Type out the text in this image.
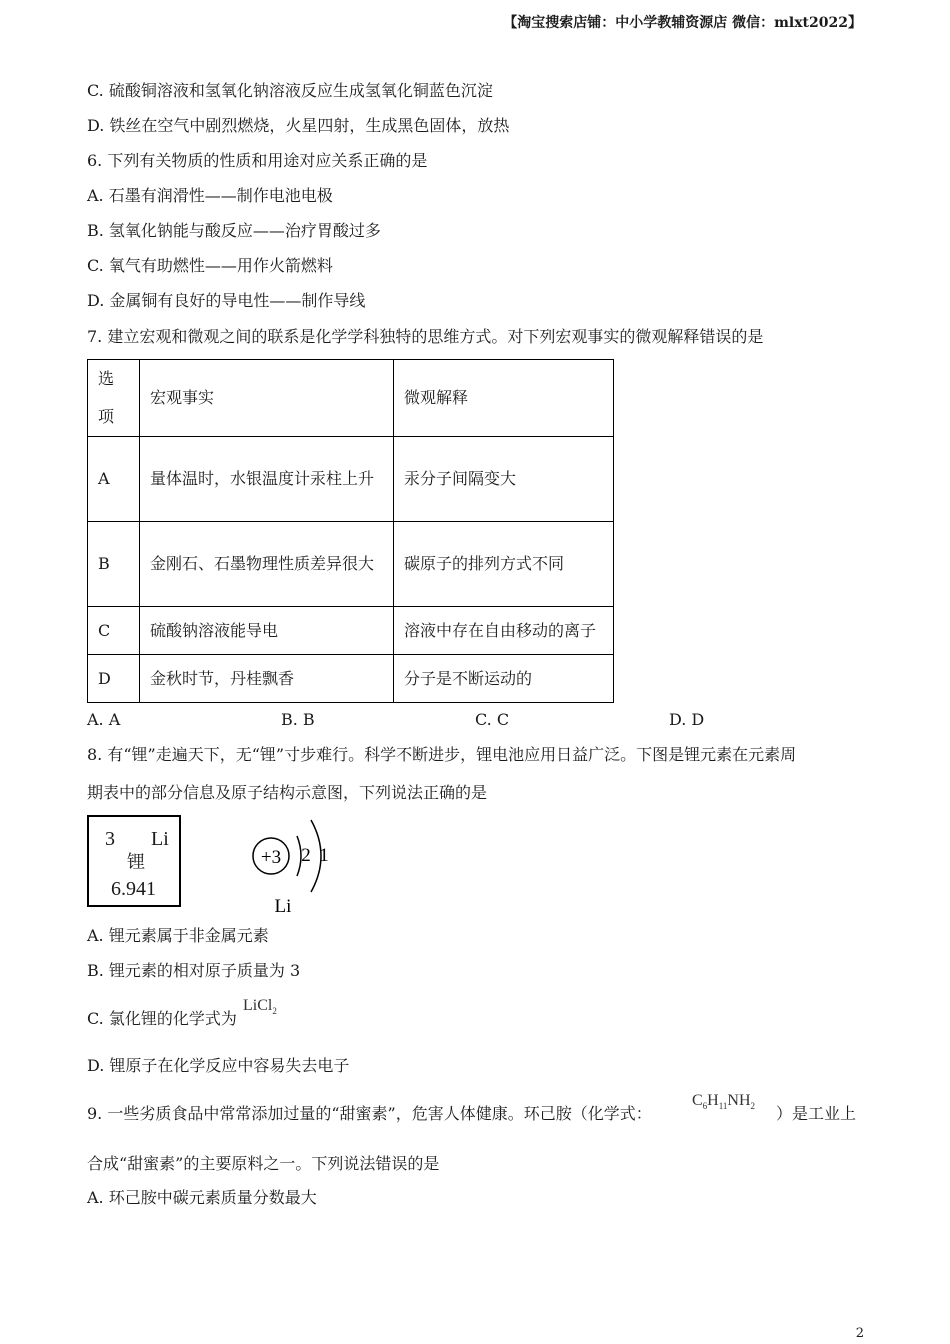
【淘宝搜索店铺：中小学教辅资源店 微信：mlxt2022】
C. 硫酸铜溶液和氢氧化钠溶液反应生成氢氧化铜蓝色沉淀
D. 铁丝在空气中剧烈燃烧，火星四射，生成黑色固体，放热
6. 下列有关物质的性质和用途对应关系正确的是
A. 石墨有润滑性——制作电池电极
B. 氢氧化钠能与酸反应——治疗胃酸过多
C. 氧气有助燃性——用作火箭燃料
D. 金属铜有良好的导电性——制作导线
7. 建立宏观和微观之间的联系是化学学科独特的思维方式。对下列宏观事实的微观解释错误的是
选项	宏观事实	微观解释
A	量体温时，水银温度计汞柱上升	汞分子间隔变大
B	金刚石、石墨物理性质差异很大	碳原子的排列方式不同
C	硫酸钠溶液能导电	溶液中存在自由移动的离子
D	金秋时节，丹桂飘香	分子是不断运动的
A. A	B. B	C. C	D. D
8. 有“锂”走遍天下，无“锂”寸步难行。科学不断进步，锂电池应用日益广泛。下图是锂元素在元素周
期表中的部分信息及原子结构示意图，下列说法正确的是
3 Li
锂
6.941
+3 2 1
Li
A. 锂元素属于非金属元素
B. 锂元素的相对原子质量为 3
C. 氯化锂的化学式为
LiCl$_2$
D. 锂原子在化学反应中容易失去电子
9. 一些劣质食品中常常添加过量的“甜蜜素”，危害人体健康。环己胺（化学式：
$C_6H_{11}NH_2$ ）是工业上
合成“甜蜜素”的主要原料之一。下列说法错误的是
A. 环己胺中碳元素质量分数最大
2
